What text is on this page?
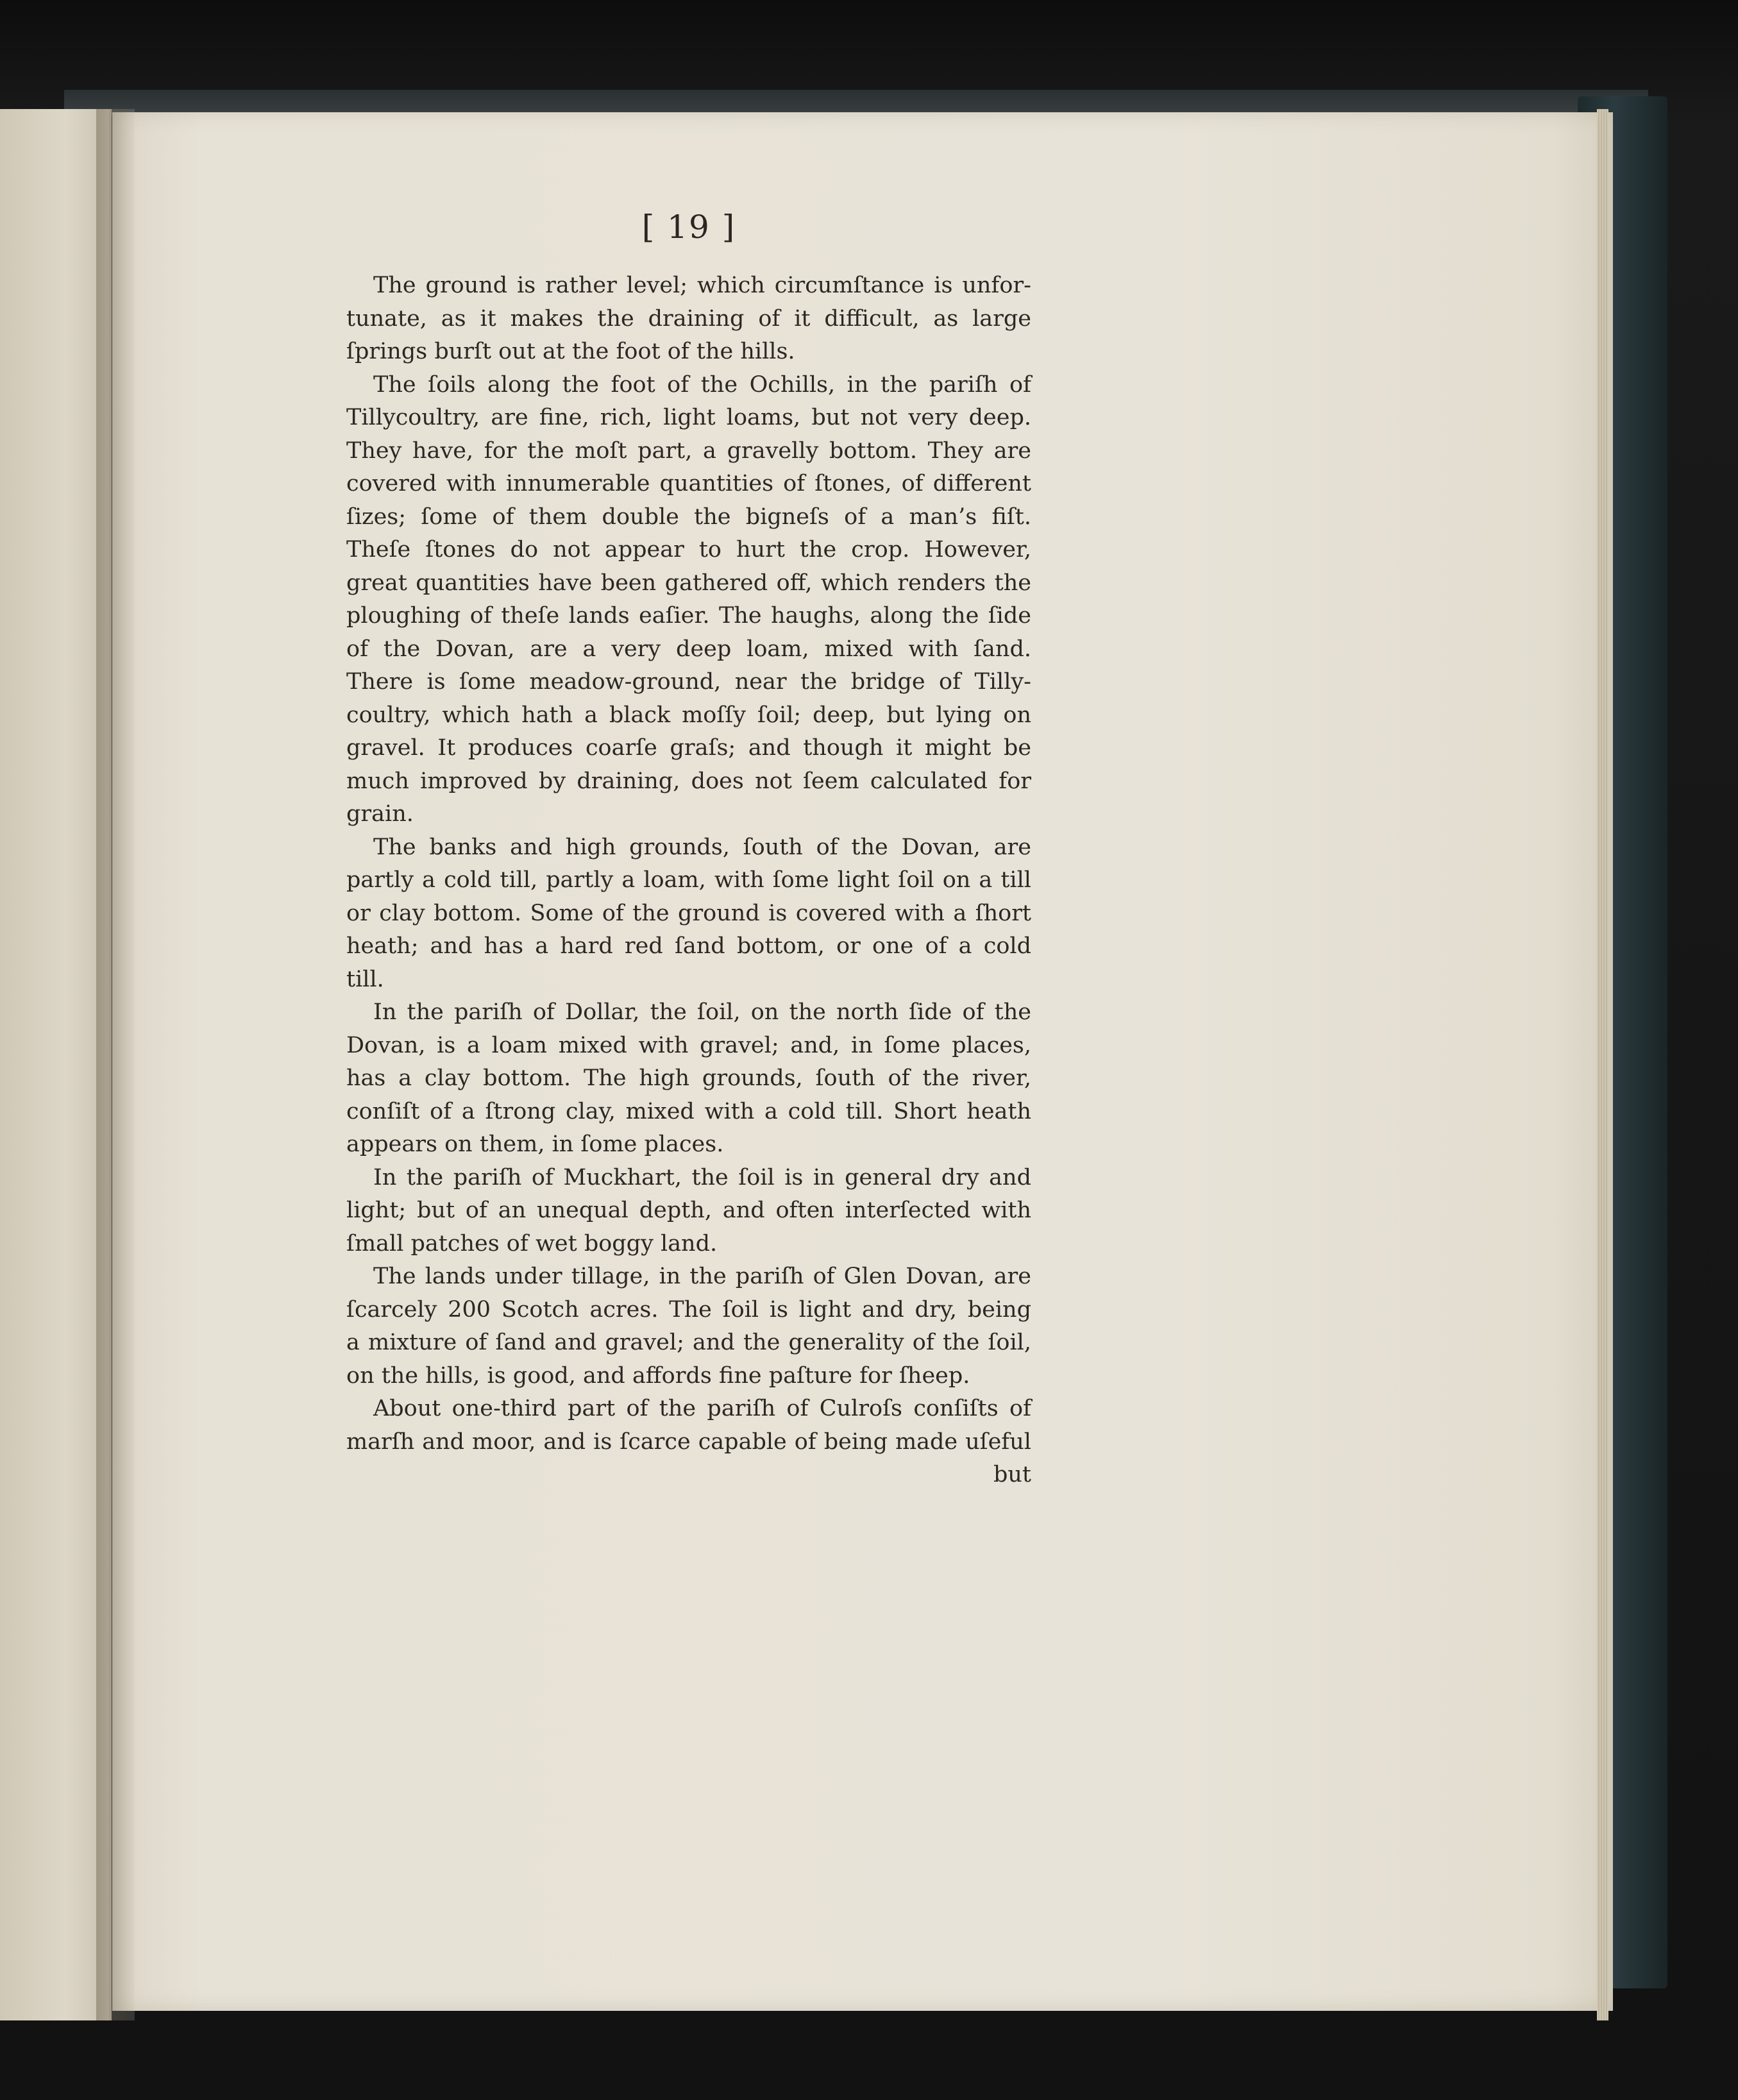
[ 19 ]
The ground is rather level; which circumſtance is unfor-
tunate, as it makes the draining of it difficult, as large
ſprings burſt out at the foot of the hills.
The ſoils along the foot of the Ochills, in the pariſh of
Tillycoultry, are fine, rich, light loams, but not very deep.
They have, for the moſt part, a gravelly bottom. They are
covered with innumerable quantities of ſtones, of different
ſizes; ſome of them double the bigneſs of a man’s fiſt.
Theſe ſtones do not appear to hurt the crop. However,
great quantities have been gathered off, which renders the
ploughing of theſe lands eaſier. The haughs, along the ſide
of the Dovan, are a very deep loam, mixed with ſand.
There is ſome meadow-ground, near the bridge of Tilly-
coultry, which hath a black moſſy ſoil; deep, but lying on
gravel. It produces coarſe graſs; and though it might be
much improved by draining, does not ſeem calculated for
grain.
The banks and high grounds, ſouth of the Dovan, are
partly a cold till, partly a loam, with ſome light ſoil on a till
or clay bottom. Some of the ground is covered with a ſhort
heath; and has a hard red ſand bottom, or one of a cold
till.
In the pariſh of Dollar, the ſoil, on the north ſide of the
Dovan, is a loam mixed with gravel; and, in ſome places,
has a clay bottom. The high grounds, ſouth of the river,
conſiſt of a ſtrong clay, mixed with a cold till. Short heath
appears on them, in ſome places.
In the pariſh of Muckhart, the ſoil is in general dry and
light; but of an unequal depth, and often interſected with
ſmall patches of wet boggy land.
The lands under tillage, in the pariſh of Glen Dovan, are
ſcarcely 200 Scotch acres. The ſoil is light and dry, being
a mixture of ſand and gravel; and the generality of the ſoil,
on the hills, is good, and affords fine paſture for ſheep.
About one-third part of the pariſh of Culroſs conſiſts of
marſh and moor, and is ſcarce capable of being made uſeful
but
